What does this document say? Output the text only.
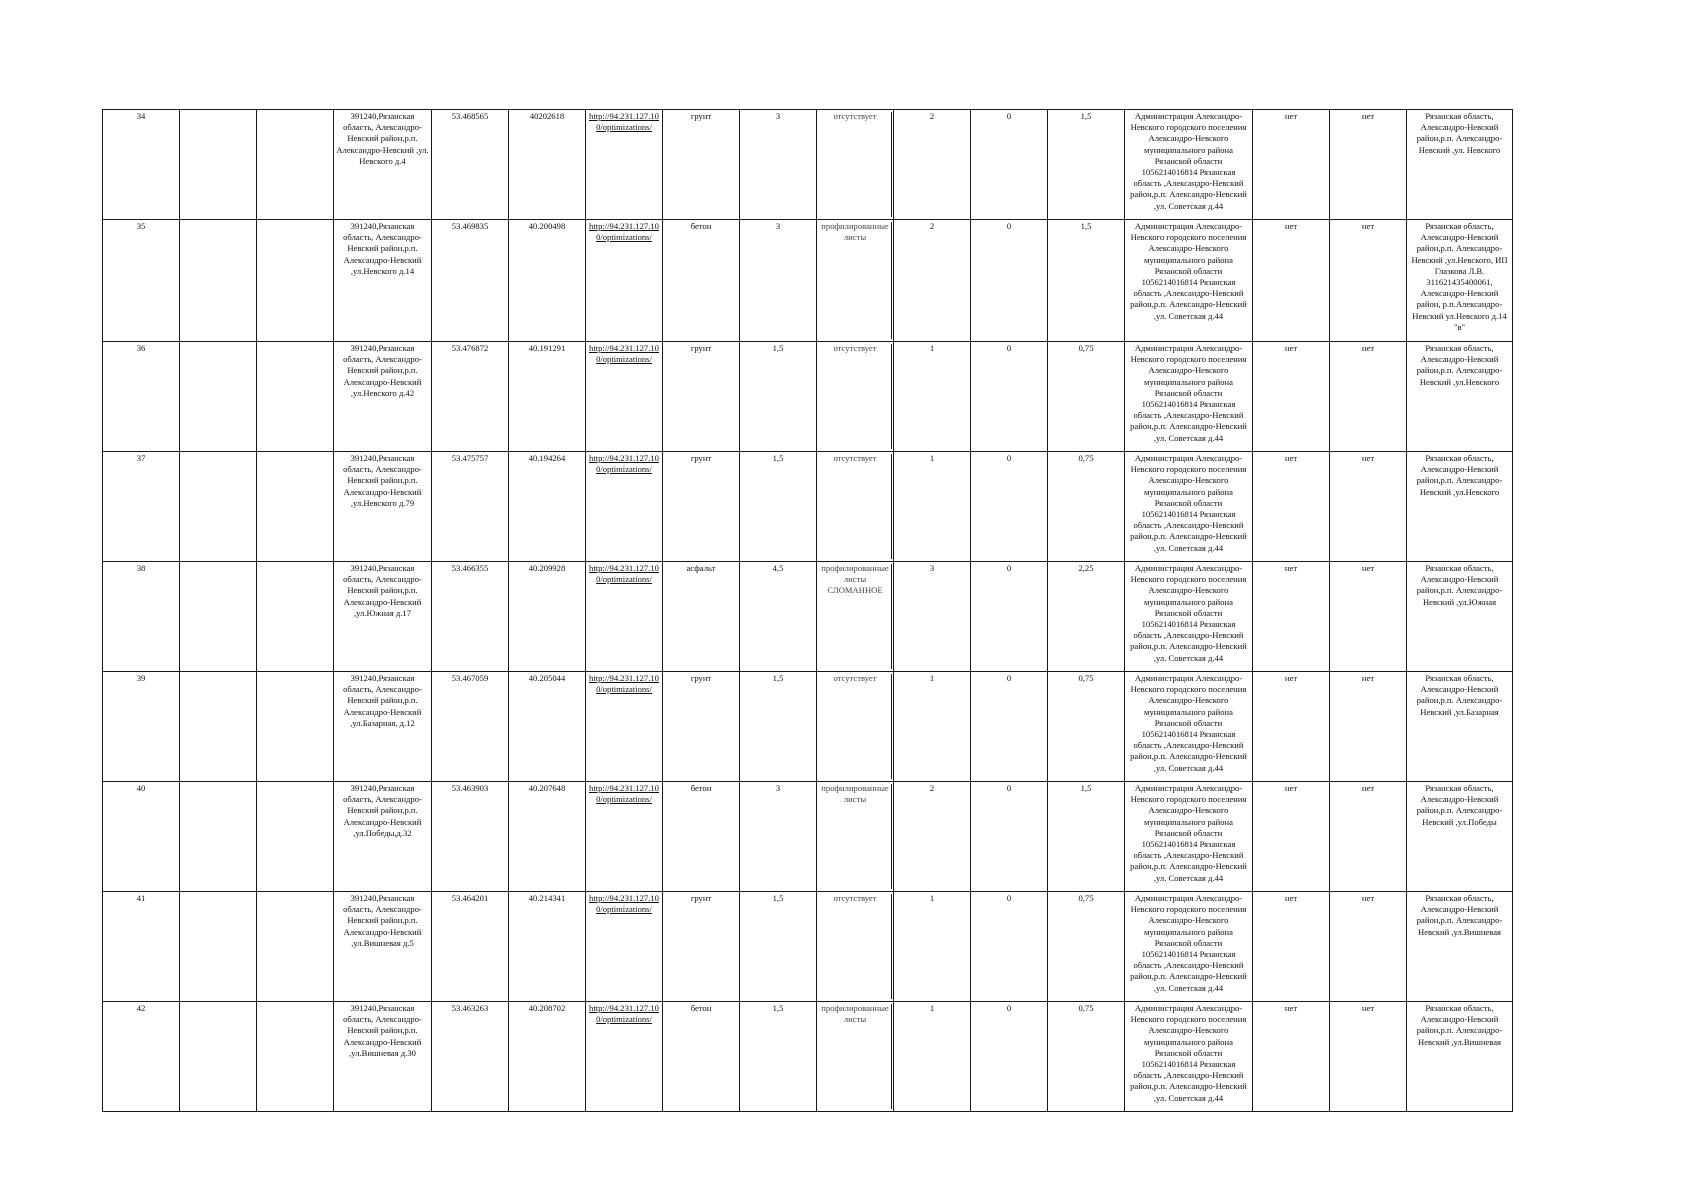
34			391240,Рязанская область, Александро-Невский район,р.п. Александро-Невский ,ул. Невского д.4	53.468565	40202618	http://94.231.127.100/optimizations/	грунт	3	отсутствует	2	0	1,5	Администрация Александро-Невского городского поселения Александро-Невского муниципального района Рязанской области 1056214016814 Рязанская область ,Александро-Невский район,р.п. Александро-Невский ,ул. Советская д.44	нет	нет	Рязанская область, Александро-Невский район,р.п. Александро-Невский ,ул. Невского
35			391240,Рязанская область, Александро-Невский район,р.п. Александро-Невский ,ул.Невского д.14	53.469835	40.200498	http://94.231.127.100/optimizations/	бетон	3	профилированные листы	2	0	1,5	Администрация Александро-Невского городского поселения Александро-Невского муниципального района Рязанской области 1056214016814 Рязанская область ,Александро-Невский район,р.п. Александро-Невский ,ул. Советская д.44	нет	нет	Рязанская область, Александро-Невский район,р.п. Александро-Невский ,ул.Невского, ИП Глазкова Л.В. 311621435400061, Александро-Невский район, р.п.Александро-Невский ул.Невского д.14 "в"
36			391240,Рязанская область, Александро-Невский район,р.п. Александро-Невский ,ул.Невского д.42	53.476872	40.191291	http://94.231.127.100/optimizations/	грунт	1,5	отсутствует	1	0	0,75	Администрация Александро-Невского городского поселения Александро-Невского муниципального района Рязанской области 1056214016814 Рязанская область ,Александро-Невский район,р.п. Александро-Невский ,ул. Советская д.44	нет	нет	Рязанская область, Александро-Невский район,р.п. Александро-Невский ,ул.Невского
37			391240,Рязанская область, Александро-Невский район,р.п. Александро-Невский ,ул.Невского д.79	53.475757	40.194264	http://94.231.127.100/optimizations/	грунт	1,5	отсутствует	1	0	0,75	Администрация Александро-Невского городского поселения Александро-Невского муниципального района Рязанской области 1056214016814 Рязанская область ,Александро-Невский район,р.п. Александро-Невский ,ул. Советская д.44	нет	нет	Рязанская область, Александро-Невский район,р.п. Александро-Невский ,ул.Невского
38			391240,Рязанская область, Александро-Невский район,р.п. Александро-Невский ,ул.Южная д.17	53.466355	40.209928	http://94.231.127.100/optimizations/	асфальт	4,5	профилированные листы СЛОМАННОЕ	3	0	2,25	Администрация Александро-Невского городского поселения Александро-Невского муниципального района Рязанской области 1056214016814 Рязанская область ,Александро-Невский район,р.п. Александро-Невский ,ул. Советская д.44	нет	нет	Рязанская область, Александро-Невский район,р.п. Александро-Невский ,ул.Южная
39			391240,Рязанская область, Александро-Невский район,р.п. Александро-Невский ,ул.Базарная, д.12	53.467059	40.205044	http://94.231.127.100/optimizations/	грунт	1,5	отсутствует	1	0	0,75	Администрация Александро-Невского городского поселения Александро-Невского муниципального района Рязанской области 1056214016814 Рязанская область ,Александро-Невский район,р.п. Александро-Невский ,ул. Советская д.44	нет	нет	Рязанская область, Александро-Невский район,р.п. Александро-Невский ,ул.Базарная
40			391240,Рязанская область, Александро-Невский район,р.п. Александро-Невский ,ул.Победы,д.32	53.463903	40.207648	http://94.231.127.100/optimizations/	бетон	3	профилированные листы	2	0	1,5	Администрация Александро-Невского городского поселения Александро-Невского муниципального района Рязанской области 1056214016814 Рязанская область ,Александро-Невский район,р.п. Александро-Невский ,ул. Советская д.44	нет	нет	Рязанская область, Александро-Невский район,р.п. Александро-Невский ,ул.Победы
41			391240,Рязанская область, Александро-Невский район,р.п. Александро-Невский ,ул.Вишневая д.5	53.464201	40.214341	http://94.231.127.100/optimizations/	грунт	1,5	отсутствует	1	0	0,75	Администрация Александро-Невского городского поселения Александро-Невского муниципального района Рязанской области 1056214016814 Рязанская область ,Александро-Невский район,р.п. Александро-Невский ,ул. Советская д.44	нет	нет	Рязанская область, Александро-Невский район,р.п. Александро-Невский ,ул.Вишневая
42			391240,Рязанская область, Александро-Невский район,р.п. Александро-Невский ,ул.Вишневая д.30	53.463263	40.208702	http://94.231.127.100/optimizations/	бетон	1,5	профилированные листы	1	0	0,75	Администрация Александро-Невского городского поселения Александро-Невского муниципального района Рязанской области 1056214016814 Рязанская область ,Александро-Невский район,р.п. Александро-Невский ,ул. Советская д.44	нет	нет	Рязанская область, Александро-Невский район,р.п. Александро-Невский ,ул.Вишневая
